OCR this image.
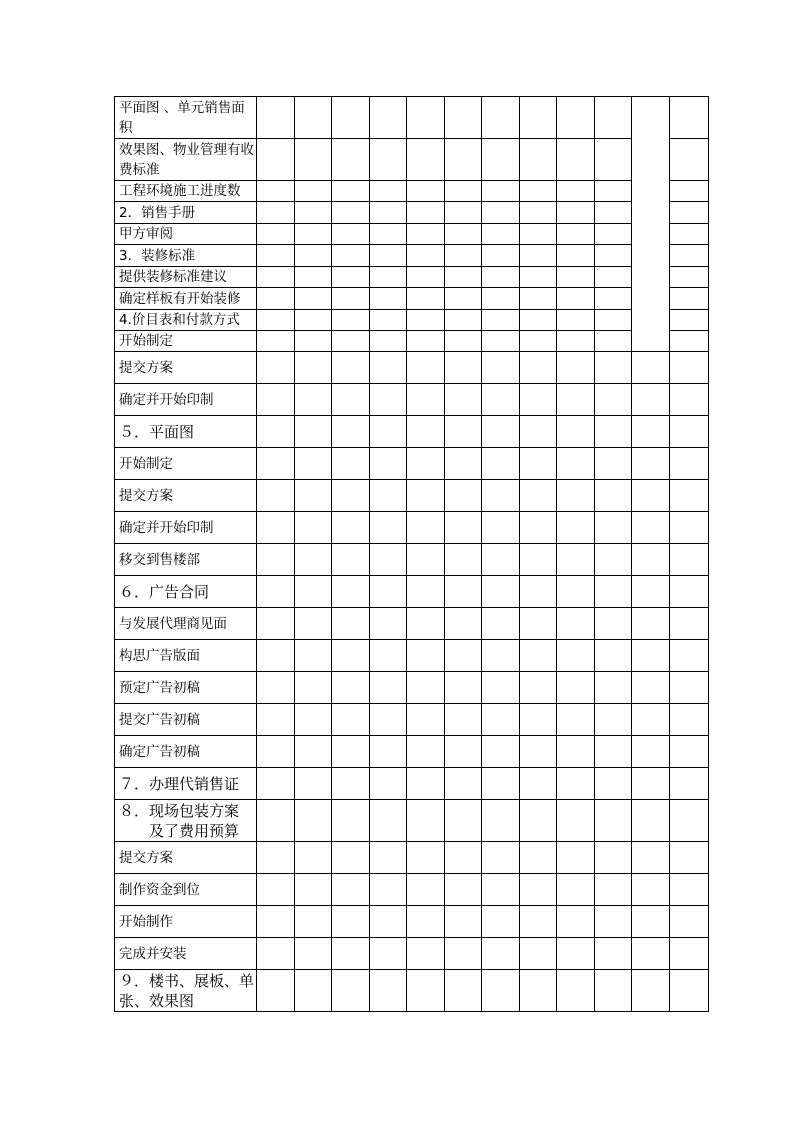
平面图 、单元销售面积												
效果图、物业管理有收费标准												
工程环境施工进度数												
2．销售手册												
甲方审阅												
3．装修标准												
提供装修标准建议												
确定样板有开始装修												
4.价目表和付款方式												
开始制定												
提交方案												
确定并开始印制												
５．平面图												
开始制定												
提交方案												
确定并开始印制												
移交到售楼部												
６．广告合同												
与发展代理商见面												
构思广告版面												
预定广告初稿												
提交广告初稿												
确定广告初稿												
７．办理代销售证												
８．现场包装方案
　　及了费用预算												
提交方案												
制作资金到位												
开始制作												
完成并安装												
９．楼书、展板、单张、效果图												
